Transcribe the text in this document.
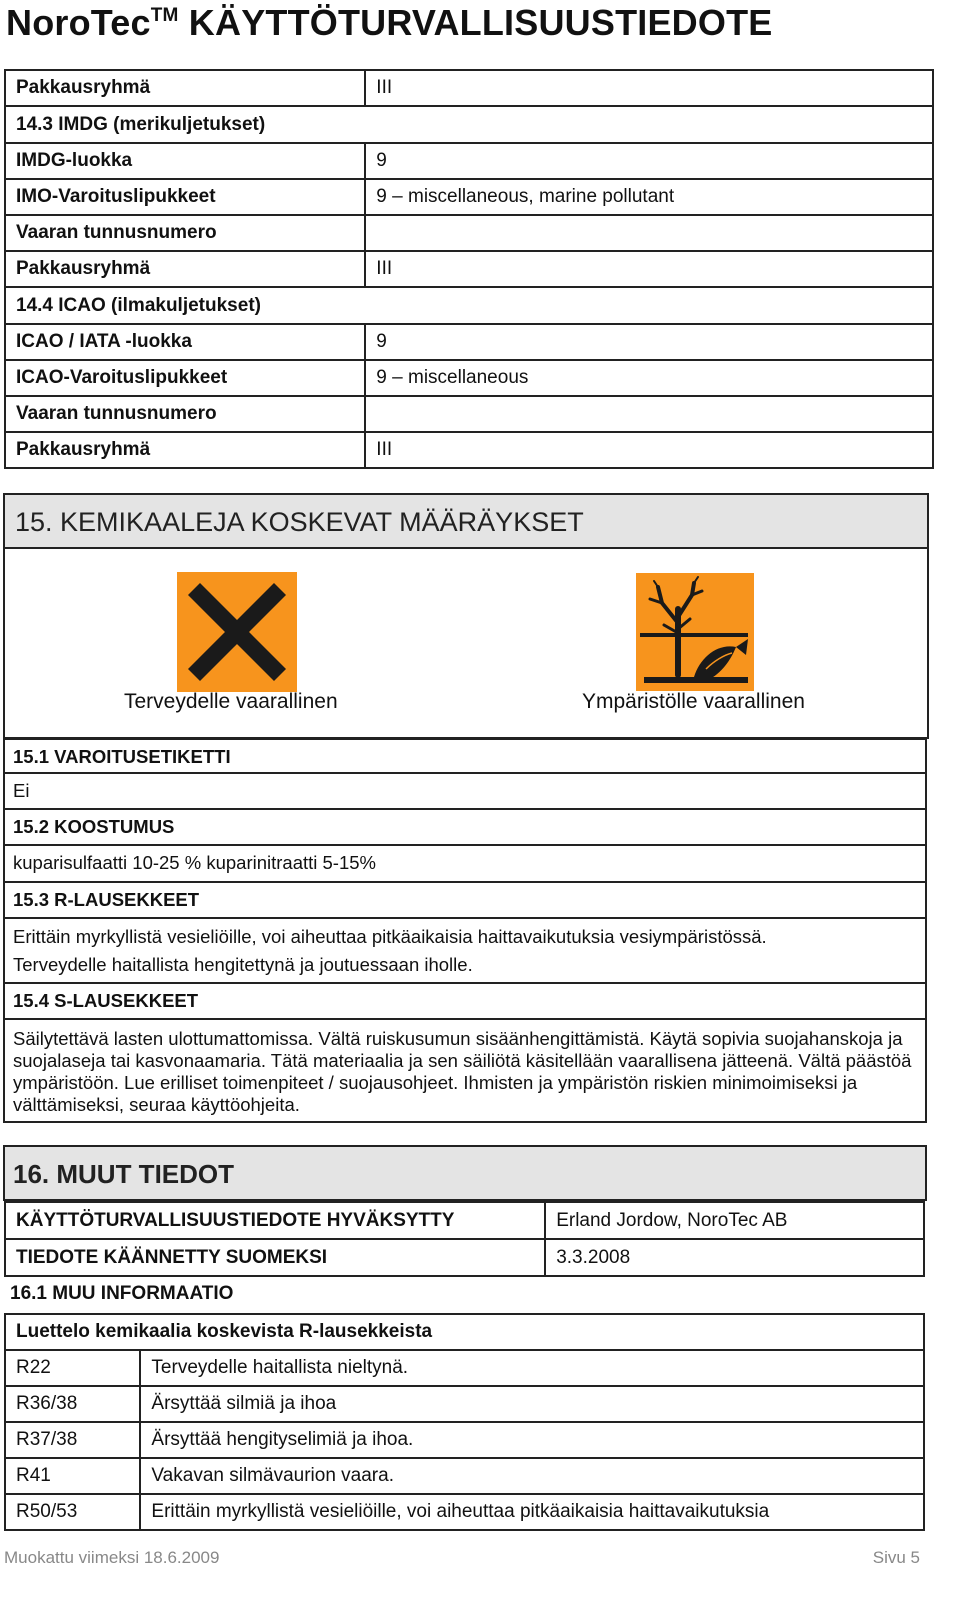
NoroTec™ KÄYTTÖTURVALLISUUSTIEDOTE
Pakkausryhmä	III
14.3 IMDG (merikuljetukset)	
IMDG-luokka	9
IMO-Varoituslipukkeet	9 – miscellaneous, marine pollutant
Vaaran tunnusnumero	
Pakkausryhmä	III
14.4 ICAO (ilmakuljetukset)	
ICAO / IATA -luokka	9
ICAO-Varoituslipukkeet	9 – miscellaneous
Vaaran tunnusnumero	
Pakkausryhmä	III
15. KEMIKAALEJA KOSKEVAT MÄÄRÄYKSET
Terveydelle vaarallinen	Ympäristölle vaarallinen
15.1 VAROITUSETIKETTI
Ei
15.2 KOOSTUMUS
kuparisulfaatti 10-25 % kuparinitraatti 5-15%
15.3 R-LAUSEKKEET
Erittäin myrkyllistä vesieliöille, voi aiheuttaa pitkäaikaisia haittavaikutuksia vesiympäristössä.
Terveydelle haitallista hengitettynä ja joutuessaan iholle.
15.4 S-LAUSEKKEET
Säilytettävä lasten ulottumattomissa. Vältä ruiskusumun sisäänhengittämistä. Käytä sopivia suojahanskoja ja suojalaseja tai kasvonaamaria. Tätä materiaalia ja sen säiliötä käsitellään vaarallisena jätteenä. Vältä päästöä ympäristöön. Lue erilliset toimenpiteet / suojausohjeet. Ihmisten ja ympäristön riskien minimoimiseksi ja välttämiseksi, seuraa käyttöohjeita.
16. MUUT TIEDOT
KÄYTTÖTURVALLISUUSTIEDOTE HYVÄKSYTTY	Erland Jordow, NoroTec AB
TIEDOTE KÄÄNNETTY SUOMEKSI	3.3.2008
16.1 MUU INFORMAATIO
Luettelo kemikaalia koskevista R-lausekkeista	
R22	Terveydelle haitallista nieltynä.
R36/38	Ärsyttää silmiä ja ihoa
R37/38	Ärsyttää hengityselimiä ja ihoa.
R41	Vakavan silmävaurion vaara.
R50/53	Erittäin myrkyllistä vesieliöille, voi aiheuttaa pitkäaikaisia haittavaikutuksia
Muokattu viimeksi 18.6.2009	Sivu 5
